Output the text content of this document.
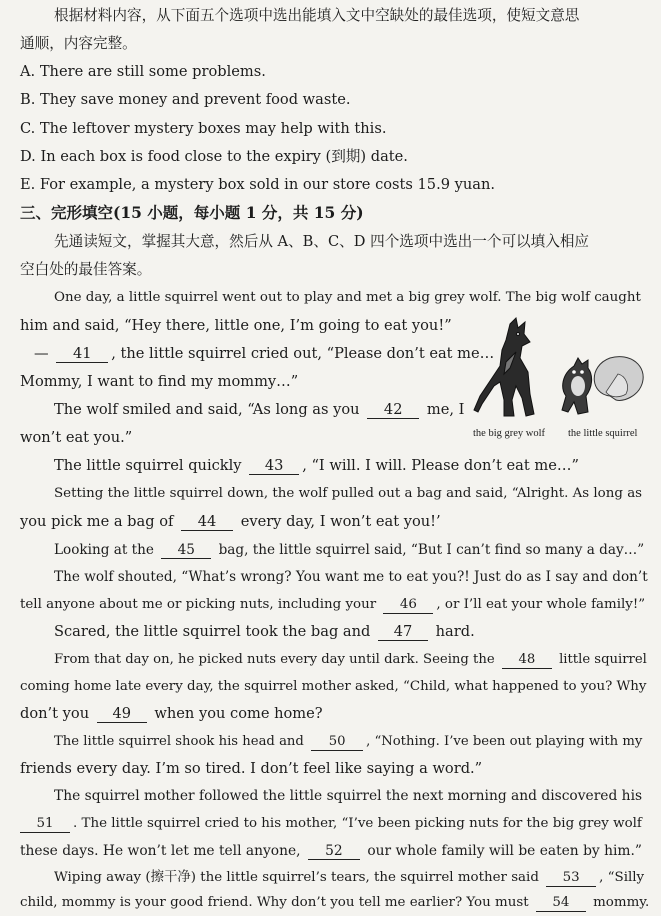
根据材料内容，从下面五个选项中选出能填入文中空缺处的最佳选项，使短文意思
通顺，内容完整。
A. There are still some problems.
B. They save money and prevent food waste.
C. The leftover mystery boxes may help with this.
D. In each box is food close to the expiry (到期) date.
E. For example, a mystery box sold in our store costs 15.9 yuan.
三、完形填空(15 小题，每小题 1 分，共 15 分)
先通读短文，掌握其大意，然后从 A、B、C、D 四个选项中选出一个可以填入相应
空白处的最佳答案。
One day, a little squirrel went out to play and met a big grey wolf. The big wolf caught
him and said, “Hey there, little one, I’m going to eat you!”
— 41 , the little squirrel cried out, “Please don’t eat me…
Mommy, I want to find my mommy…”
The wolf smiled and said, “As long as you 42 me, I
won’t eat you.”	the big grey wolf the little squirrel
The little squirrel quickly 43 , “I will. I will. Please don’t eat me…”
Setting the little squirrel down, the wolf pulled out a bag and said, “Alright. As long as
you pick me a bag of 44 every day, I won’t eat you!’
Looking at the 45 bag, the little squirrel said, “But I can’t find so many a day…”
The wolf shouted, “What’s wrong? You want me to eat you?! Just do as I say and don’t
tell anyone about me or picking nuts, including your 46 , or I’ll eat your whole family!”
Scared, the little squirrel took the bag and 47 hard.
From that day on, he picked nuts every day until dark. Seeing the 48 little squirrel
coming home late every day, the squirrel mother asked, “Child, what happened to you? Why
don’t you 49 when you come home?
The little squirrel shook his head and 50 , “Nothing. I’ve been out playing with my
friends every day. I’m so tired. I don’t feel like saying a word.”
The squirrel mother followed the little squirrel the next morning and discovered his
51 . The little squirrel cried to his mother, “I’ve been picking nuts for the big grey wolf
these days. He won’t let me tell anyone, 52 our whole family will be eaten by him.”
Wiping away (擦干净) the little squirrel’s tears, the squirrel mother said 53 , “Silly
child, mommy is your good friend. Why don’t you tell me earlier? You must 54 mommy.
